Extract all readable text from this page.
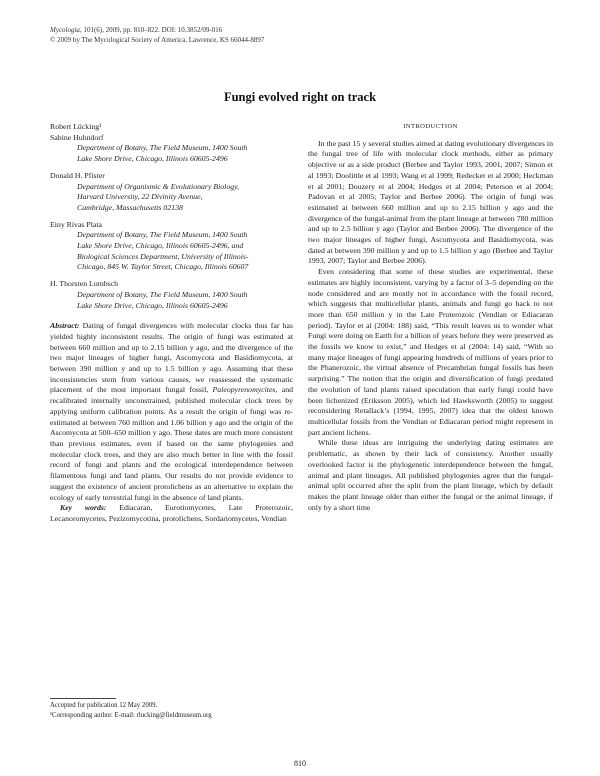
Mycologia, 101(6), 2009, pp. 810–822. DOI: 10.3852/09-016
© 2009 by The Mycological Society of America, Lawrence, KS 66044-8897
Fungi evolved right on track
Robert Lücking¹
Sabine Huhndorf
Department of Botany, The Field Museum, 1400 South
Lake Shore Drive, Chicago, Illinois 60605-2496
Donald H. Pfister
Department of Organismic & Evolutionary Biology,
Harvard University, 22 Divinity Avenue,
Cambridge, Massachusetts 02138
Einy Rivas Plata
Department of Botany, The Field Museum, 1400 South
Lake Shore Drive, Chicago, Illinois 60605-2496, and
Biological Sciences Department, University of Illinois-
Chicago, 845 W. Taylor Street, Chicago, Illinois 60607
H. Thorsten Lumbsch
Department of Botany, The Field Museum, 1400 South
Lake Shore Drive, Chicago, Illinois 60605-2496
Abstract: Dating of fungal divergences with molecular clocks thus far has yielded highly inconsistent results. The origin of fungi was estimated at between 660 million and up to 2.15 billion y ago, and the divergence of the two major lineages of higher fungi, Ascomycota and Basidiomycota, at between 390 million y and up to 1.5 billion y ago. Assuming that these inconsistencies stem from various causes, we reassessed the systematic placement of the most important fungal fossil, Paleopyrenomycites, and recalibrated internally unconstrained, published molecular clock trees by applying uniform calibration points. As a result the origin of fungi was re-estimated at between 760 million and 1.06 billion y ago and the origin of the Ascomycota at 500–650 million y ago. These dates are much more consistent than previous estimates, even if based on the same phylogenies and molecular clock trees, and they are also much better in line with the fossil record of fungi and plants and the ecological interdependence between filamentous fungi and land plants. Our results do not provide evidence to suggest the existence of ancient protolichens as an alternative to explain the ecology of early terrestrial fungi in the absence of land plants.
Key words: Ediacaran, Eurotiomycetes, Late Proterozoic, Lecanoromycetes, Pezizomycotina, protolichens, Sordariomycetes, Vendian
INTRODUCTION

In the past 15 y several studies aimed at dating evolutionary divergences in the fungal tree of life with molecular clock methods, either as primary objective or as a side product (Berbee and Taylor 1993, 2001, 2007; Simon et al 1993; Doolittle et al 1993; Wang et al 1999; Redecker et al 2000; Heckman et al 2001; Douzery et al 2004; Hedges et al 2004; Peterson et al 2004; Padovan et al 2005; Taylor and Berbee 2006). The origin of fungi was estimated at between 660 million and up to 2.15 billion y ago and the divergence of the fungal-animal from the plant lineage at between 780 million and up to 2.5 billion y ago (Taylor and Berbee 2006). The divergence of the two major lineages of higher fungi, Ascomycota and Basidiomycota, was dated at between 390 million y and up to 1.5 billion y ago (Berbee and Taylor 1993, 2007; Taylor and Berbee 2006).

Even considering that some of these studies are experimental, these estimates are highly inconsistent, varying by a factor of 3–5 depending on the node considered and are mostly not in accordance with the fossil record, which suggests that multicellular plants, animals and fungi go back to not more than 650 million y in the Late Proterozoic (Vendian or Ediacaran period). Taylor et al (2004: 188) said, “This result leaves us to wonder what Fungi were doing on Earth for a billion of years before they were preserved as the fossils we know to exist,” and Hedges et al (2004: 14) said, “With so many major lineages of fungi appearing hundreds of millions of years prior to the Phanerozoic, the virtual absence of Precambrian fungal fossils has been surprising.” The notion that the origin and diversification of fungi predated the evolution of land plants raised speculation that early fungi could have been lichenized (Eriksson 2005), which led Hawksworth (2005) to suggest reconsidering Retallack’s (1994, 1995, 2007) idea that the oldest known multicellular fossils from the Vendian or Ediacaran period might represent in part ancient lichens.

While these ideas are intriguing the underlying dating estimates are problematic, as shown by their lack of consistency. Another usually overlooked factor is the phylogenetic interdependence between the fungal, animal and plant lineages. All published phylogenies agree that the fungal-animal split occurred after the split from the plant lineage, which by default makes the plant lineage older than either the fungal or the animal lineage, if only by a short time

Accepted for publication 12 May 2009.
¹Corresponding author. E-mail: rlucking@fieldmuseum.org
810
